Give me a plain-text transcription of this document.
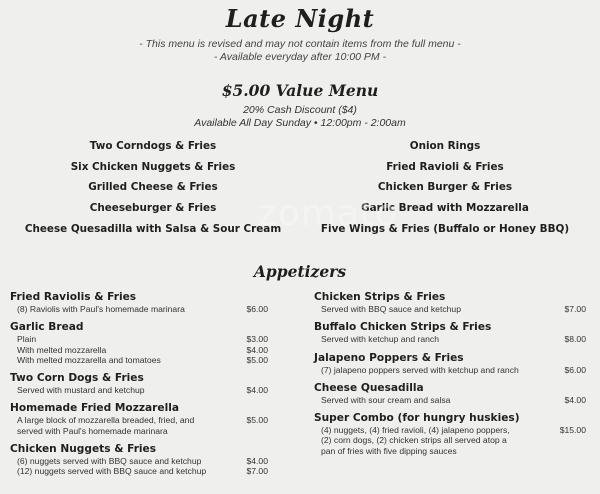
Late Night
- This menu is revised and may not contain items from the full menu -
- Available everyday after 10:00 PM -
$5.00 Value Menu
20% Cash Discount ($4)
Available All Day Sunday • 12:00pm - 2:00am
Two Corndogs & Fries
Six Chicken Nuggets & Fries
Grilled Cheese & Fries
Cheeseburger & Fries
Cheese Quesadilla with Salsa & Sour Cream
Onion Rings
Fried Ravioli & Fries
Chicken Burger & Fries
Garlic Bread with Mozzarella
Five Wings & Fries (Buffalo or Honey BBQ)
zomato
Appetizers
Fried Raviolis & Fries
(8) Raviolis with Paul's homemade marinara	$6.00
Garlic Bread
Plain	$3.00
With melted mozzarella	$4.00
With melted mozzarella and tomatoes	$5.00
Two Corn Dogs & Fries
Served with mustard and ketchup	$4.00
Homemade Fried Mozzarella
A large block of mozzarella breaded, fried, and
served with Paul's homemade marinara
$5.00
Chicken Nuggets & Fries
(6) nuggets served with BBQ sauce and ketchup	$4.00
(12) nuggets served with BBQ sauce and ketchup	$7.00
Chicken Strips & Fries
Served with BBQ sauce and ketchup	$7.00
Buffalo Chicken Strips & Fries
Served with ketchup and ranch	$8.00
Jalapeno Poppers & Fries
(7) jalapeno poppers served with ketchup and ranch	$6.00
Cheese Quesadilla
Served with sour cream and salsa	$4.00
Super Combo (for hungry huskies)
(4) nuggets, (4) fried ravioli, (4) jalapeno poppers,
(2) corn dogs, (2) chicken strips all served atop a
pan of fries with five dipping sauces
$15.00
